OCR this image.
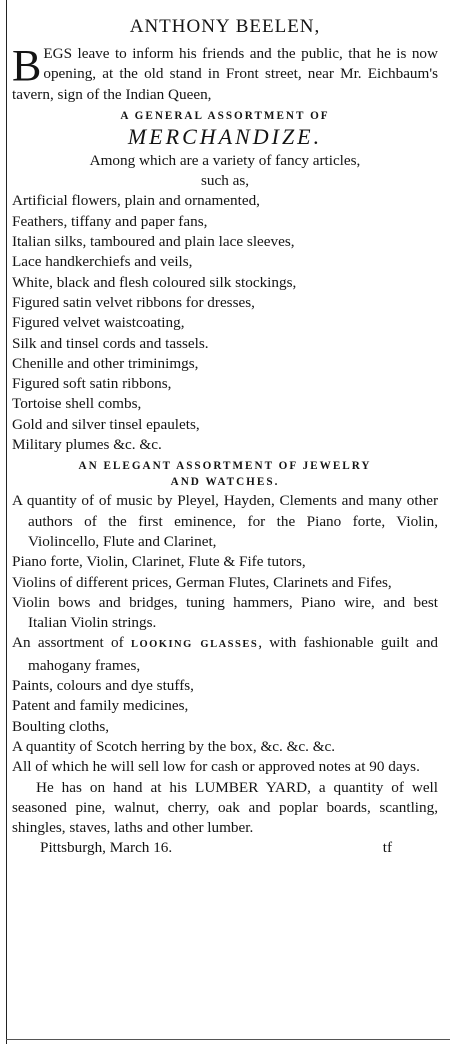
ANTHONY BEELEN,

BEGS leave to inform his friends and the public, that he is now opening, at the old stand in Front street, near Mr. Eichbaum's tavern, sign of the Indian Queen,

A GENERAL ASSORTMENT OF
MERCHANDIZE.
Among which are a variety of fancy articles,
such as,
Artificial flowers, plain and ornamented,
Feathers, tiffany and paper fans,
Italian silks, tamboured and plain lace sleeves,
Lace handkerchiefs and veils,
White, black and flesh coloured silk stockings,
Figured satin velvet ribbons for dresses,
Figured velvet waistcoating,
Silk and tinsel cords and tassels.
Chenille and other triminimgs,
Figured soft satin ribbons,
Tortoise shell combs,
Gold and silver tinsel epaulets,
Military plumes &c. &c.
AN ELEGANT ASSORTMENT OF JEWELRY
AND WATCHES.

A quantity of of music by Pleyel, Hayden, Clements and many other authors of the first eminence, for the Piano forte, Violin, Violincello, Flute and Clarinet,

Piano forte, Violin, Clarinet, Flute & Fife tutors,

Violins of different prices, German Flutes, Clarinets and Fifes,

Violin bows and bridges, tuning hammers, Piano wire, and best Italian Violin strings.

An assortment of LOOKING GLASSES, with fashionable guilt and mahogany frames,

Paints, colours and dye stuffs,

Patent and family medicines,

Boulting cloths,

A quantity of Scotch herring by the box, &c. &c. &c.

All of which he will sell low for cash or approved notes at 90 days.

He has on hand at his LUMBER YARD, a quantity of well seasoned pine, walnut, cherry, oak and poplar boards, scantling, shingles, staves, laths and other lumber.

Pittsburgh, March 16.	tf
